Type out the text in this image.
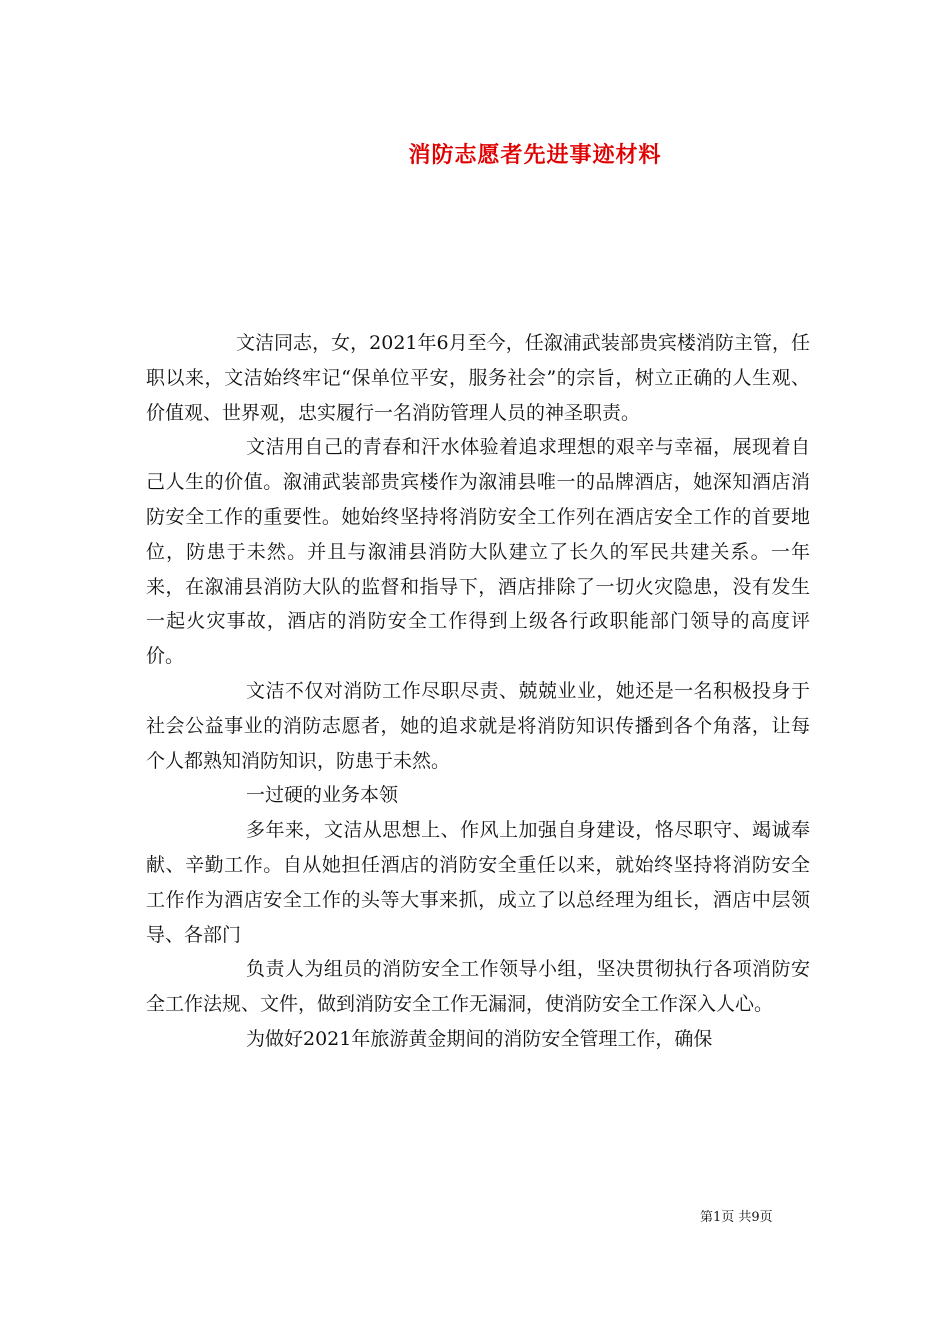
消防志愿者先进事迹材料

文洁同志，女，2021年6月至今，任溆浦武装部贵宾楼消防主管，任职以来，文洁始终牢记“保单位平安，服务社会”的宗旨，树立正确的人生观、价值观、世界观，忠实履行一名消防管理人员的神圣职责。

文洁用自己的青春和汗水体验着追求理想的艰辛与幸福，展现着自己人生的价值。溆浦武装部贵宾楼作为溆浦县唯一的品牌酒店，她深知酒店消防安全工作的重要性。她始终坚持将消防安全工作列在酒店安全工作的首要地位，防患于未然。并且与溆浦县消防大队建立了长久的军民共建关系。一年来，在溆浦县消防大队的监督和指导下，酒店排除了一切火灾隐患，没有发生一起火灾事故，酒店的消防安全工作得到上级各行政职能部门领导的高度评价。

文洁不仅对消防工作尽职尽责、兢兢业业，她还是一名积极投身于社会公益事业的消防志愿者，她的追求就是将消防知识传播到各个角落，让每个人都熟知消防知识，防患于未然。

一过硬的业务本领

多年来，文洁从思想上、作风上加强自身建设，恪尽职守、竭诚奉献、辛勤工作。自从她担任酒店的消防安全重任以来，就始终坚持将消防安全工作作为酒店安全工作的头等大事来抓，成立了以总经理为组长，酒店中层领导、各部门

负责人为组员的消防安全工作领导小组，坚决贯彻执行各项消防安全工作法规、文件，做到消防安全工作无漏洞，使消防安全工作深入人心。

为做好2021年旅游黄金期间的消防安全管理工作，确保

第1页 共9页
